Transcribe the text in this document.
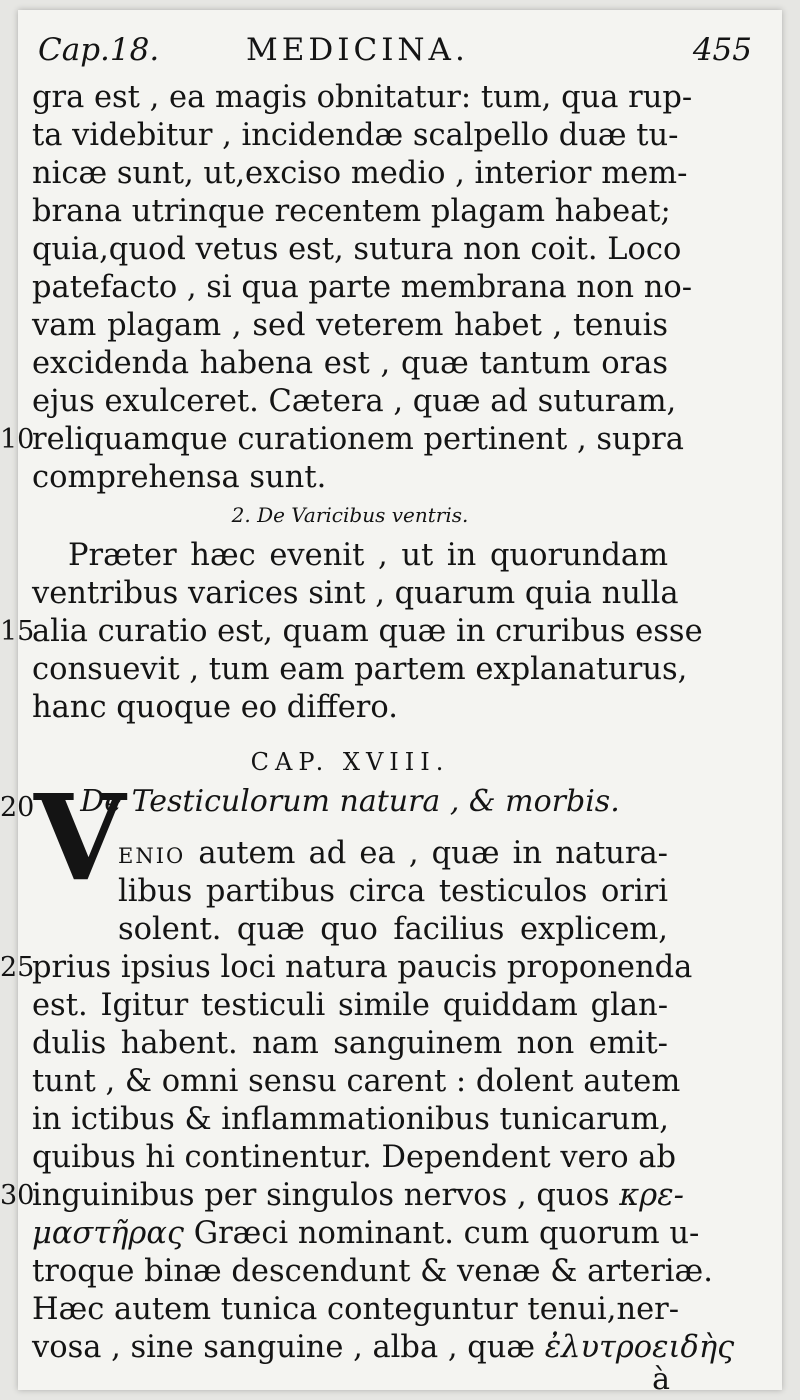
Cap.18.	MEDICINA.	455
gra est , ea magis obnitatur: tum, qua rup-
ta videbitur , incidendæ scalpello duæ tu-
nicæ sunt, ut,exciso medio , interior mem-
brana utrinque recentem plagam habeat;
quia,quod vetus est, sutura non coit. Loco
patefacto , si qua parte membrana non no-
vam plagam , sed veterem habet , tenuis
excidenda habena est , quæ tantum oras
ejus exulceret. Cætera , quæ ad suturam,
reliquamque curationem pertinent , supra
comprehensa sunt.
10
2. De Varicibus ventris.
Præter hæc evenit , ut in quorundam
ventribus varices sint , quarum quia nulla
alia curatio est, quam quæ in cruribus esse
consuevit , tum eam partem explanaturus,
hanc quoque eo differo.
15
CAP. XVIII.
De Testiculorum natura , & morbis.
20 V
ENIO autem ad ea , quæ in natura-
libus partibus circa testiculos oriri
solent. quæ quo facilius explicem,
prius ipsius loci natura paucis proponenda
est. Igitur testiculi simile quiddam glan-
dulis habent. nam sanguinem non emit-
tunt , & omni sensu carent : dolent autem
in ictibus & inflammationibus tunicarum,
quibus hi continentur. Dependent vero ab
inguinibus per singulos nervos , quos κρε-
μαστῆρας Græci nominant. cum quorum u-
troque binæ descendunt & venæ & arteriæ.
Hæc autem tunica conteguntur tenui,ner-
vosa , sine sanguine , alba , quæ ἐλυτροειδὴς
25
30
à
